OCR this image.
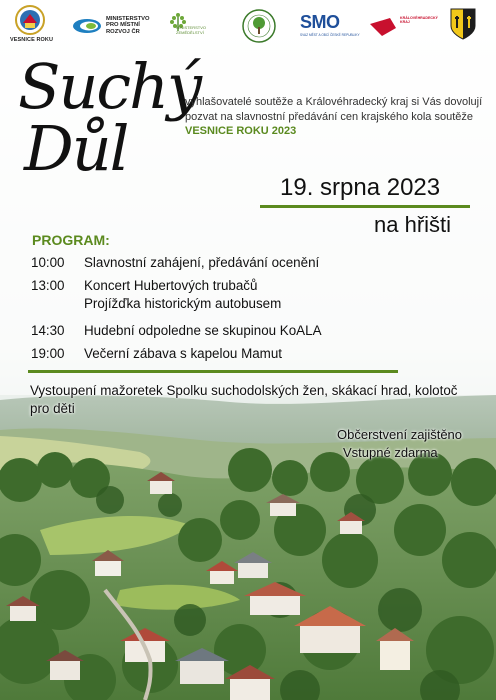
VESNICE ROKU
MINISTERSTVO
PRO MÍSTNÍ
ROZVOJ ČR
MINISTERSTVO ZEMĚDĚLSTVÍ
SMO
SVAZ MĚST A OBCÍ ČESKÉ REPUBLIKY
KRÁLOVÉHRADECKÝ
KRAJ
Suchý
Důl
vyhlašovatelé soutěže a Královéhradecký kraj si Vás dovolují pozvat na slavnostní předávání cen krajského kola soutěže VESNICE ROKU 2023
19. srpna 2023
na hřišti
PROGRAM:
10:00	Slavnostní zahájení, předávání ocenění
13:00	Koncert Hubertových trubačů
Projížďka historickým autobusem
14:30	Hudební odpoledne se skupinou KoALA
19:00	Večerní zábava s kapelou Mamut
Vystoupení mažoretek Spolku suchodolských žen, skákací hrad, kolotoč pro děti
Občerstvení zajištěno
Vstupné zdarma
